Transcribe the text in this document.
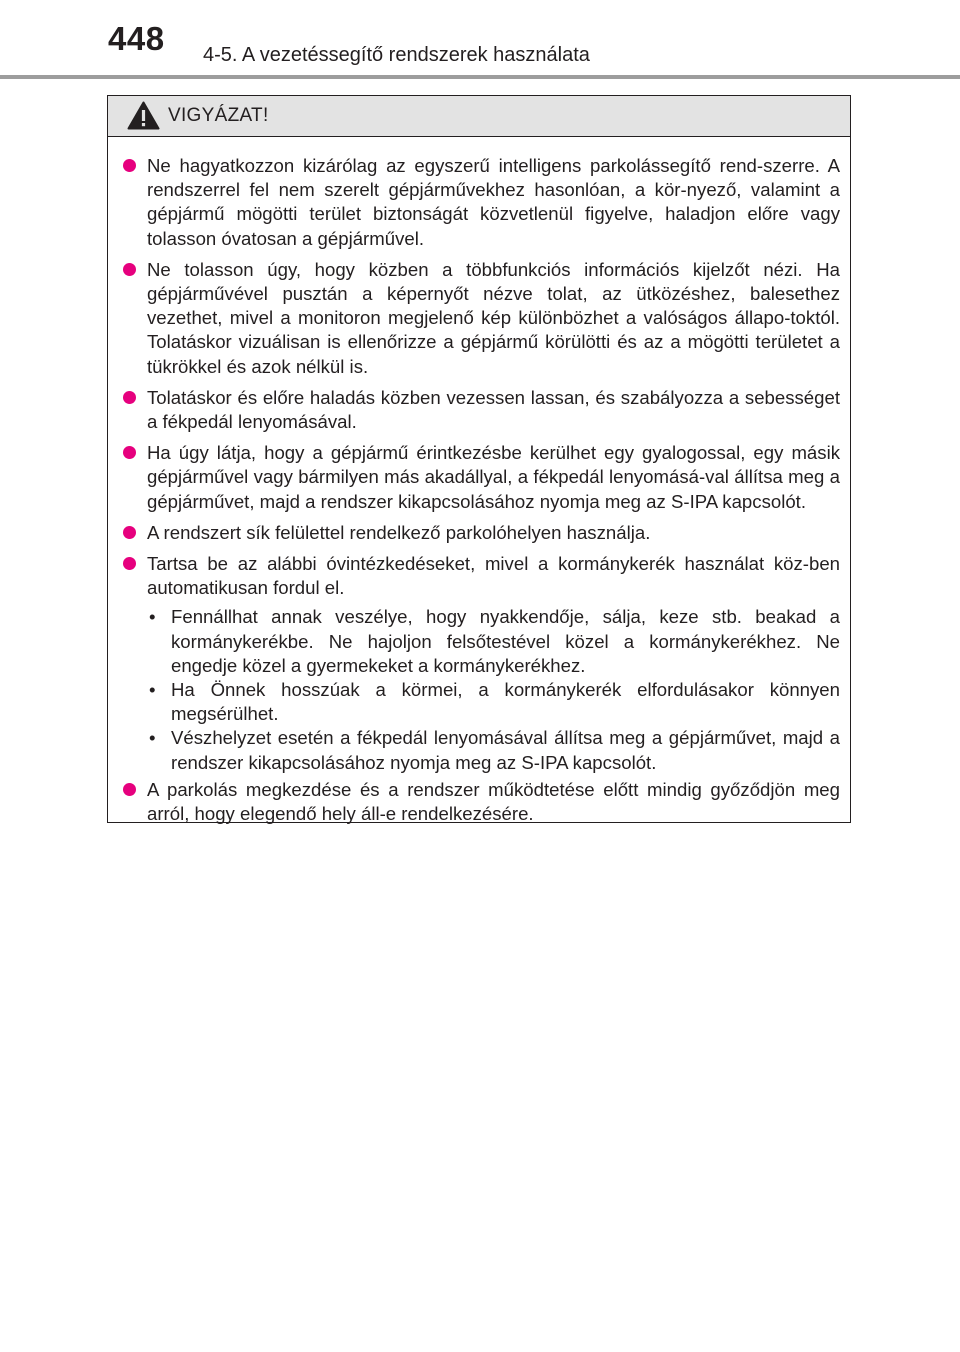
448 4-5. A vezetéssegítő rendszerek használata
VIGYÁZAT!
Ne hagyatkozzon kizárólag az egyszerű intelligens parkolássegítő rend-szerre. A rendszerrel fel nem szerelt gépjárművekhez hasonlóan, a kör-nyező, valamint a gépjármű mögötti terület biztonságát közvetlenül figyelve, haladjon előre vagy tolasson óvatosan a gépjárművel.
Ne tolasson úgy, hogy közben a többfunkciós információs kijelzőt nézi. Ha gépjárművével pusztán a képernyőt nézve tolat, az ütközéshez, balesethez vezethet, mivel a monitoron megjelenő kép különbözhet a valóságos állapo-toktól. Tolatáskor vizuálisan is ellenőrizze a gépjármű körülötti és az a mögötti területet a tükrökkel és azok nélkül is.
Tolatáskor és előre haladás közben vezessen lassan, és szabályozza a sebességet a fékpedál lenyomásával.
Ha úgy látja, hogy a gépjármű érintkezésbe kerülhet egy gyalogossal, egy másik gépjárművel vagy bármilyen más akadállyal, a fékpedál lenyomásá-val állítsa meg a gépjárművet, majd a rendszer kikapcsolásához nyomja meg az S-IPA kapcsolót.
A rendszert sík felülettel rendelkező parkolóhelyen használja.
Tartsa be az alábbi óvintézkedéseket, mivel a kormánykerék használat köz-ben automatikusan fordul el.
• Fennállhat annak veszélye, hogy nyakkendője, sálja, keze stb. beakad a kormánykerékbe. Ne hajoljon felsőtestével közel a kormánykerékhez. Ne engedje közel a gyermekeket a kormánykerékhez.
• Ha Önnek hosszúak a körmei, a kormánykerék elfordulásakor könnyen megsérülhet.
• Vészhelyzet esetén a fékpedál lenyomásával állítsa meg a gépjárművet, majd a rendszer kikapcsolásához nyomja meg az S-IPA kapcsolót.
A parkolás megkezdése és a rendszer működtetése előtt mindig győződjön meg arról, hogy elegendő hely áll-e rendelkezésére.
